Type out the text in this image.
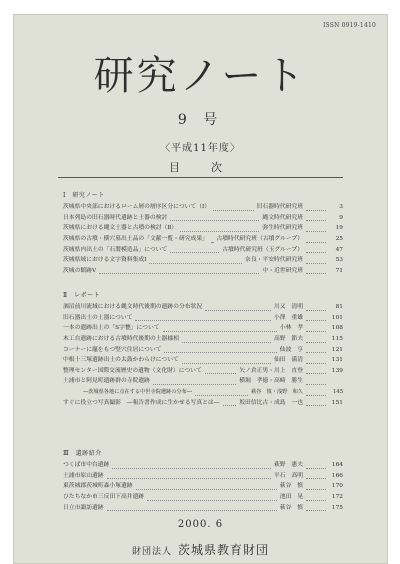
ISSN 0919-1410
研究ノート
9 号
〈平成11年度〉
目　次
I　研究ノート
茨城県中央部におけるローム層の層序区分について（Ⅰ）	旧石器時代研究班	3
日本列島の旧石器時代遺跡と土器の検討	縄文時代研究班	9
茨城県における縄文土器と古墳の検討（Ⅱ）	弥生時代研究班	19
茨城県の古墳・横穴墓出土品の「文献一覧・研究成果」 古墳時代研究班（古墳グループ）	25
茨城県内出土の「石製模造品」について	古墳時代研究班（玉グループ）	47
茨城県域における文字資料集成Ⅰ	奈良・平安時代研究班	53
茨城の館跡Ⅴ	中・近世研究班	71
Ⅱ　レポート
涸沼前川流域における縄文時代後期の遺跡の分布状況	川又　清明	81
旧石器出土の土器について	小澤　重雄	101
一本の遺跡出土の「S字甕」について	小林　孝	108
木工台遺跡における古墳時代後期の土器様相	高野　節夫	115
コーナーに竈をもつ竪穴住居について	仙波　亨	121
中根十三塚遺跡出土の太鼓かわらけについて	仙田　満清	131
整理センター国際交流歴史の遺物（文化財）について	矢ノ倉正男・川上　直登	139
土浦市と阿見町遺跡群の寺院遺跡	横堀　孝徳・高崎　勝生
―茨城県各地に点在する中世寺院遺跡の分布―	萩谷　慎・浅野　和久	145
すぐに役立つ写真撮影　―報告書作成に生かせる写真とは―	坂田信比古・成島　一也	151
Ⅲ　遺跡紹介
つくば市中台遺跡	萩野　憲夫	164
土浦市原山遺跡	平石　高明	166
東茨城郡茨城町森小塚遺跡	萩谷　慎	170
ひたちなか市三反田下高井遺跡	池田　晃	172
日立市諏訪遺跡	萩谷　慎	175
2000. 6
財団法人 茨城県教育財団
